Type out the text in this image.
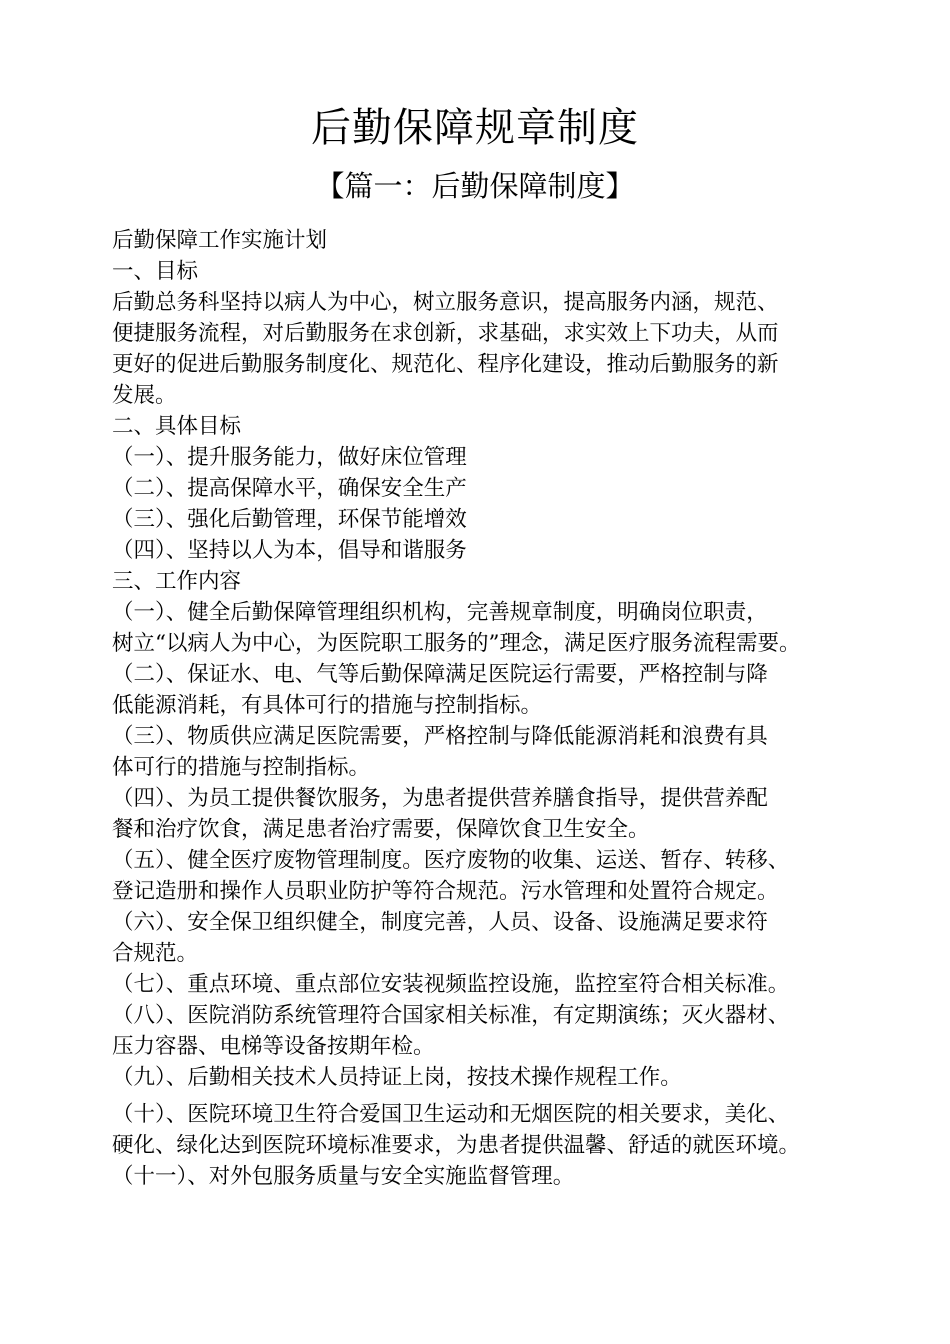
后勤保障规章制度
【篇一：后勤保障制度】
后勤保障工作实施计划
一、目标
后勤总务科坚持以病人为中心，树立服务意识，提高服务内涵，规范、
便捷服务流程，对后勤服务在求创新，求基础，求实效上下功夫，从而
更好的促进后勤服务制度化、规范化、程序化建设，推动后勤服务的新
发展。
二、具体目标
（一）、提升服务能力，做好床位管理
（二）、提高保障水平，确保安全生产
（三）、强化后勤管理，环保节能增效
（四）、坚持以人为本，倡导和谐服务
三、工作内容
（一）、健全后勤保障管理组织机构，完善规章制度，明确岗位职责，
树立“以病人为中心，为医院职工服务的”理念，满足医疗服务流程需要。
（二）、保证水、电、气等后勤保障满足医院运行需要，严格控制与降
低能源消耗，有具体可行的措施与控制指标。
（三）、物质供应满足医院需要，严格控制与降低能源消耗和浪费有具
体可行的措施与控制指标。
（四）、为员工提供餐饮服务，为患者提供营养膳食指导，提供营养配
餐和治疗饮食，满足患者治疗需要，保障饮食卫生安全。
（五）、健全医疗废物管理制度。医疗废物的收集、运送、暂存、转移、
登记造册和操作人员职业防护等符合规范。污水管理和处置符合规定。
（六）、安全保卫组织健全，制度完善，人员、设备、设施满足要求符
合规范。
（七）、重点环境、重点部位安装视频监控设施，监控室符合相关标准。
（八）、医院消防系统管理符合国家相关标准，有定期演练；灭火器材、
压力容器、电梯等设备按期年检。
（九）、后勤相关技术人员持证上岗，按技术操作规程工作。
（十）、医院环境卫生符合爱国卫生运动和无烟医院的相关要求，美化、
硬化、绿化达到医院环境标准要求，为患者提供温馨、舒适的就医环境。
（十一）、对外包服务质量与安全实施监督管理。
